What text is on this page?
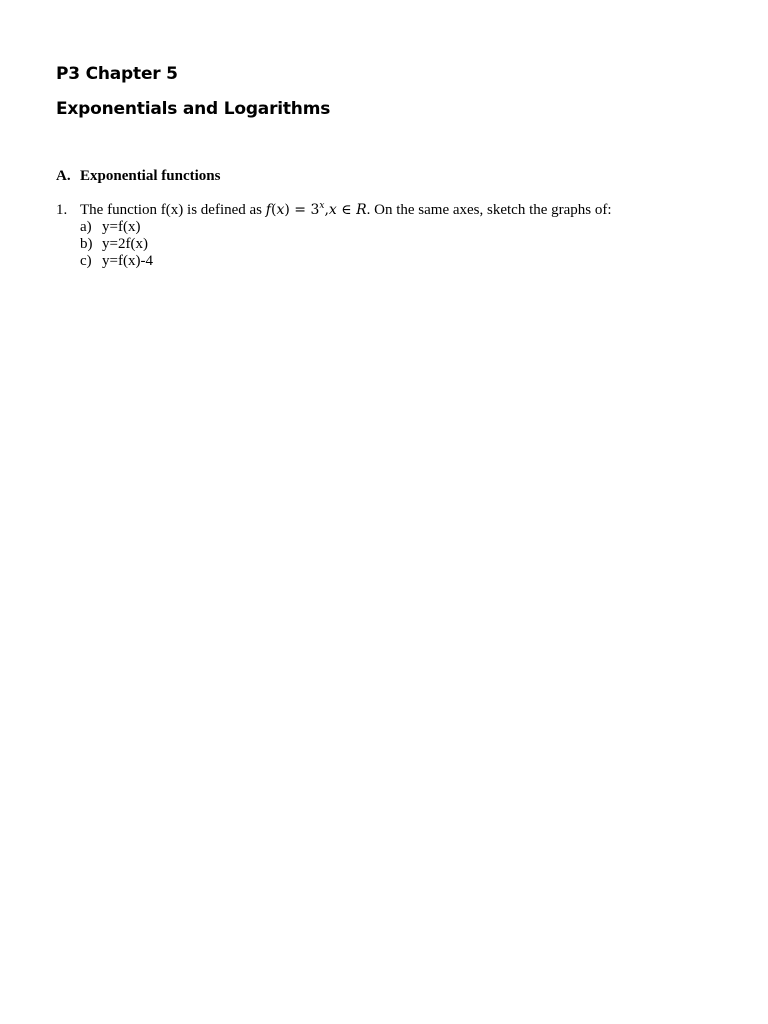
P3 Chapter 5
Exponentials and Logarithms
A. Exponential functions
1. The function f(x) is defined as $f(x) = 3^x,x$ ∈ R. On the same axes, sketch the graphs of:
a) y=f(x)
b) y=2f(x)
c) y=f(x)-4
